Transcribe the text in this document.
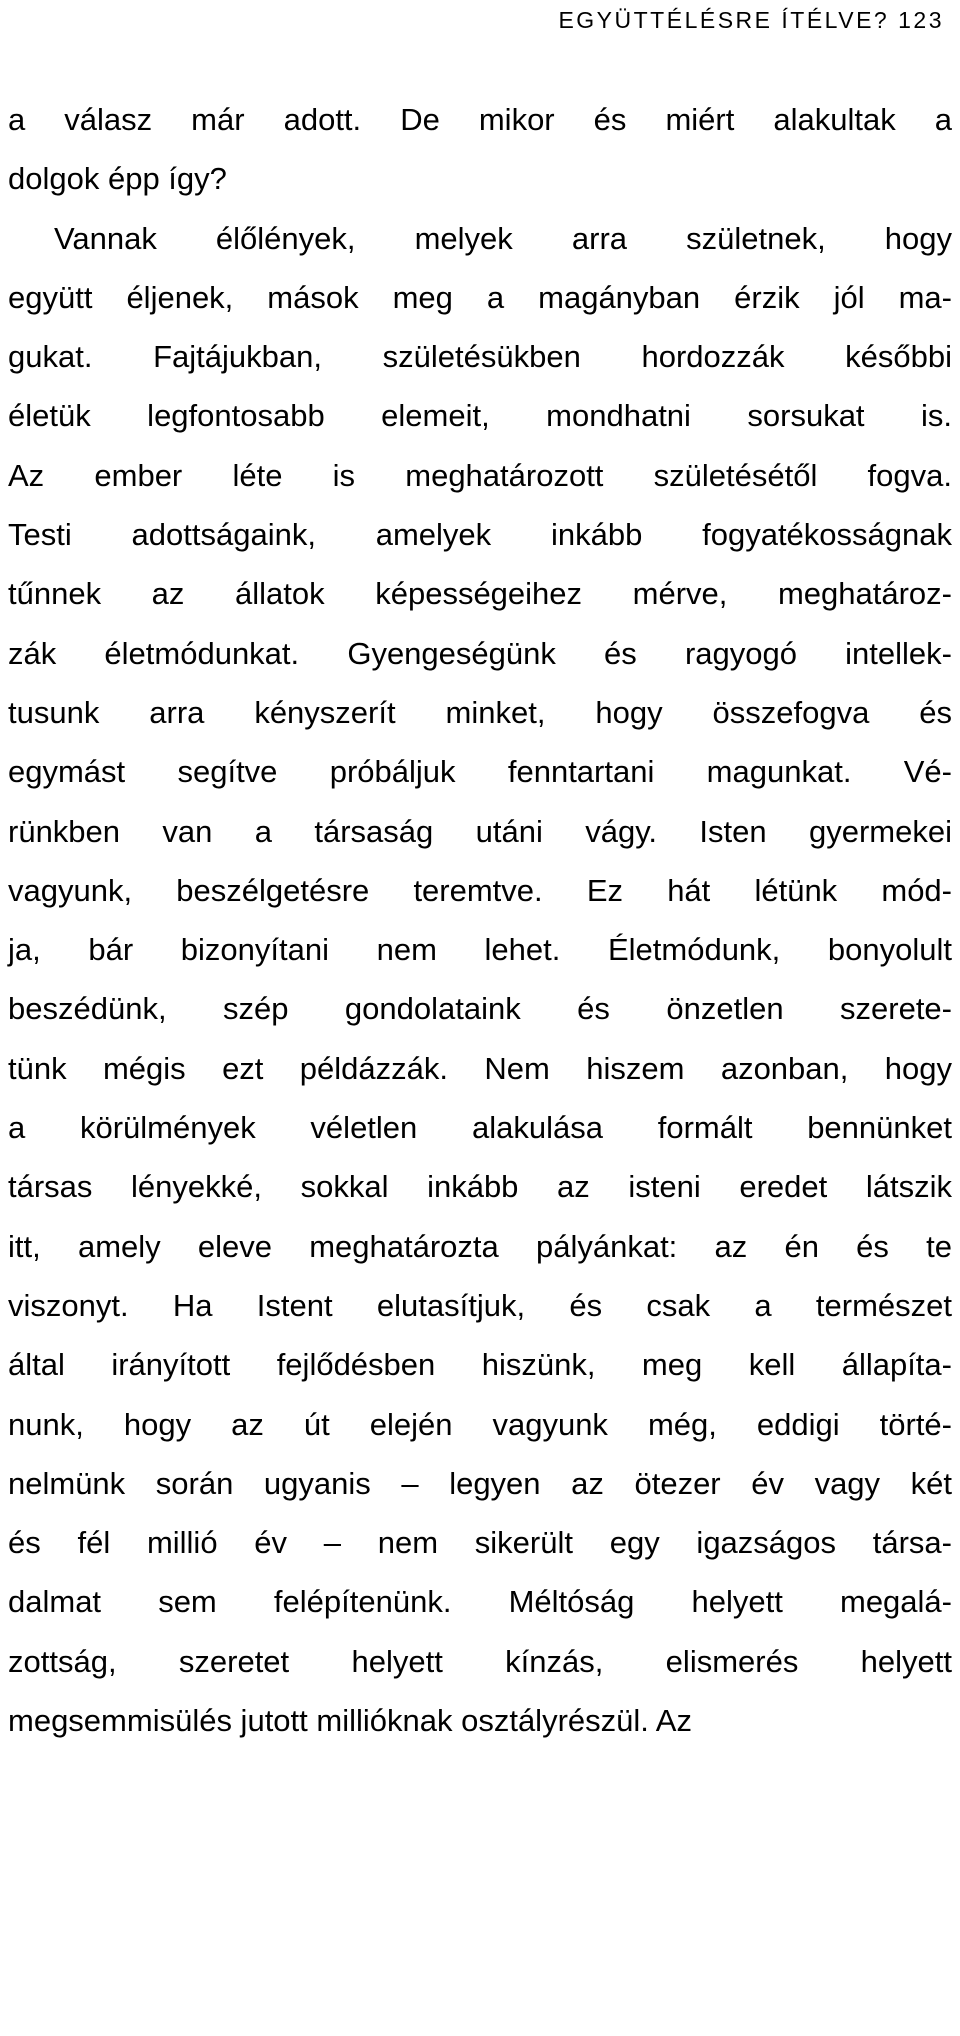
EGYÜTTÉLÉSRE ÍTÉLVE? 123
a válasz már adott. De mikor és miért alakultak a
dolgok épp így?
Vannak élőlények, melyek arra születnek, hogy
együtt éljenek, mások meg a magányban érzik jól ma-
gukat. Fajtájukban, születésükben hordozzák későbbi
életük legfontosabb elemeit, mondhatni sorsukat is.
Az ember léte is meghatározott születésétől fogva.
Testi adottságaink, amelyek inkább fogyatékosságnak
tűnnek az állatok képességeihez mérve, meghatároz-
zák életmódunkat. Gyengeségünk és ragyogó intellek-
tusunk arra kényszerít minket, hogy összefogva és
egymást segítve próbáljuk fenntartani magunkat. Vé-
rünkben van a társaság utáni vágy. Isten gyermekei
vagyunk, beszélgetésre teremtve. Ez hát létünk mód-
ja, bár bizonyítani nem lehet. Életmódunk, bonyolult
beszédünk, szép gondolataink és önzetlen szerete-
tünk mégis ezt példázzák. Nem hiszem azonban, hogy
a körülmények véletlen alakulása formált bennünket
társas lényekké, sokkal inkább az isteni eredet látszik
itt, amely eleve meghatározta pályánkat: az én és te
viszonyt. Ha Istent elutasítjuk, és csak a természet
által irányított fejlődésben hiszünk, meg kell állapíta-
nunk, hogy az út elején vagyunk még, eddigi törté-
nelmünk során ugyanis – legyen az ötezer év vagy két
és fél millió év – nem sikerült egy igazságos társa-
dalmat sem felépítenünk. Méltóság helyett megalá-
zottság, szeretet helyett kínzás, elismerés helyett
megsemmisülés jutott millióknak osztályrészül. Az
